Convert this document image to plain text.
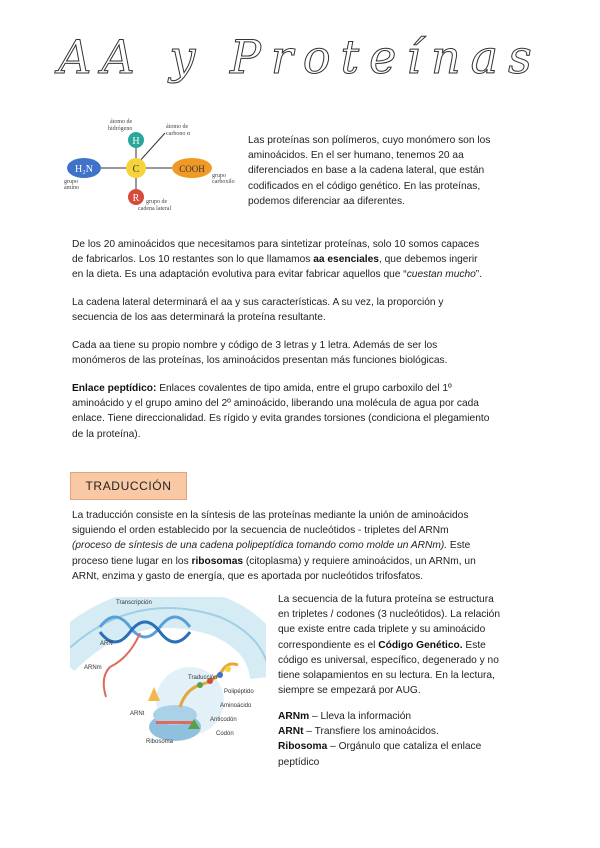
AA y Proteínas
H₂N	C
H
COOH
R
átomo de hidrógeno	átomo de carbono α
grupo carboxilo
grupo amino
grupo de cadena lateral

Las proteínas son polímeros, cuyo monómero son los

aminoácidos. En el ser humano, tenemos 20 aa

diferenciados en base a la cadena lateral, que están

codificados en el código genético. En las proteínas,

podemos diferenciar aa diferentes.

De los 20 aminoácidos que necesitamos para sintetizar proteínas, solo 10 somos capaces

de fabricarlos. Los 10 restantes son lo que llamamos aa esenciales, que debemos ingerir

en la dieta. Es una adaptación evolutiva para evitar fabricar aquellos que “cuestan mucho”.

La cadena lateral determinará el aa y sus características. A su vez, la proporción y

secuencia de los aas determinará la proteína resultante.

Cada aa tiene su propio nombre y código de 3 letras y 1 letra. Además de ser los

monómeros de las proteínas, los aminoácidos presentan más funciones biológicas.

Enlace peptídico: Enlaces covalentes de tipo amida, entre el grupo carboxilo del 1º

aminoácido y el grupo amino del 2º aminoácido, liberando una molécula de agua por cada

enlace. Tiene direccionalidad. Es rígido y evita grandes torsiones (condiciona el plegamiento

de la proteína).

TRADUCCIÓN

La traducción consiste en la síntesis de las proteínas mediante la unión de aminoácidos

siguiendo el orden establecido por la secuencia de nucleótidos - tripletes del ARNm

(proceso de síntesis de una cadena polipeptídica tomando como molde un ARNm). Este

proceso tiene lugar en los ribosomas (citoplasma) y requiere aminoácidos, un ARNm, un

ARNt, enzima y gasto de energía, que es aportada por nucleótidos trifosfatos.

Transcripción
Traducción
ARN
ARNm
ARNt
Ribosoma
Polipéptido
Aminoácido
Anticodón
Codón

La secuencia de la futura proteína se estructura

en tripletes / codones (3 nucleótidos). La relación

que existe entre cada triplete y su aminoácido

correspondiente es el Código Genético. Este

código es universal, específico, degenerado y no

tiene solapamientos en su lectura. En la lectura,

siempre se empezará por AUG.

ARNm – Lleva la información

ARNt – Transfiere los aminoácidos.

Ribosoma – Orgánulo que cataliza el enlace

peptídico
